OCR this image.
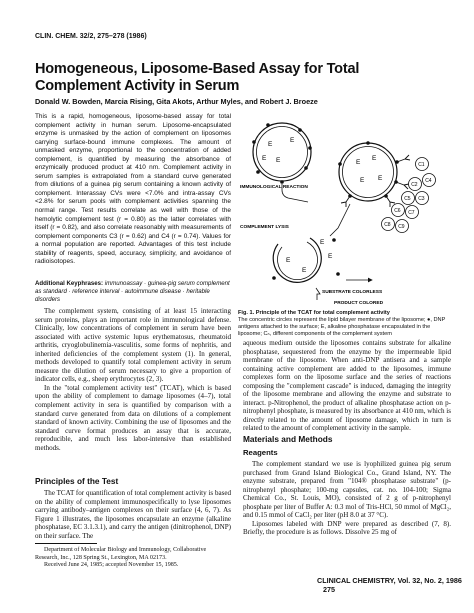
CLIN. CHEM. 32/2, 275–278 (1986)
Homogeneous, Liposome-Based Assay for Total Complement Activity in Serum
Donald W. Bowden, Marcia Rising, Gita Akots, Arthur Myles, and Robert J. Broeze
This is a rapid, homogeneous, liposome-based assay for total complement activity in human serum. Liposome-encapsulated enzyme is unmasked by the action of complement on liposomes carrying surface-bound immune complexes. The amount of unmasked enzyme, proportional to the concentration of added complement, is quantified by measuring the absorbance of enzymically produced product at 410 nm. Complement activity in serum samples is extrapolated from a standard curve generated from dilutions of a guinea pig serum containing a known activity of complement. Interassay CVs were <7.0% and intra-assay CVs <2.8% for serum pools with complement activities spanning the normal range. Test results correlate as well with those of the hemolytic complement test (r = 0.80) as the latter correlates with itself (r = 0.82), and also correlate reasonably with measurements of complement components C3 (r = 0.62) and C4 (r = 0.74). Values for a normal population are reported. Advantages of this test include stability of reagents, speed, accuracy, simplicity, and avoidance of radioisotopes.
Additional Keyphrases: immunoassay · guinea-pig serum complement as standard · reference interval · autoimmune disease · heritable disorders

The complement system, consisting of at least 15 interacting serum proteins, plays an important role in immunological defense. Clinically, low concentrations of complement in serum have been associated with active systemic lupus erythematosus, rheumatoid arthritis, cryoglobulinemia-vasculitis, some forms of nephritis, and inherited deficiencies of the complement system (1). In general, methods developed to quantify total complement activity in serum measure the dilution of serum necessary to give a proportion of indicator cells, e.g., sheep erythrocytes (2, 3).

In the "total complement activity test" (TCAT), which is based upon the ability of complement to damage liposomes (4–7), total complement activity in sera is quantified by comparison with a standard curve generated from data on dilutions of a complement standard of known activity. Combining the use of liposomes and the standard curve format produces an assay that is accurate, reproducible, and much less labor-intensive than established methods.

Principles of the Test

The TCAT for quantification of total complement activity is based on the ability of complement immunospecifically to lyse liposomes carrying antibody–antigen complexes on their surface (4, 6, 7). As Figure 1 illustrates, the liposomes encapsulate an enzyme (alkaline phosphatase, EC 3.1.3.1), and carry the antigen (dinitrophenol, DNP) on their surface. The

Department of Molecular Biology and Immunology, Collaborative Research, Inc., 128 Spring St., Lexington, MA 02173.
Received June 24, 1985; accepted November 15, 1985.
E
E
E
E
IMMUNOLOGICAL REACTION
E
E
E E
C1
C4
C2
C5 C3
C6 C7
C8 C9
COMPLEMENT LYSIS
E
E
E
E
SUBSTRATE COLORLESS
PRODUCT COLORED
Fig. 1. Principle of the TCAT for total complement activity
The concentric circles represent the lipid bilayer membrane of the liposome; ●, DNP antigens attached to the surface; E, alkaline phosphatase encapsulated in the liposome; Cₙ, different components of the complement system

aqueous medium outside the liposomes contains substrate for alkaline phosphatase, sequestered from the enzyme by the impermeable lipid membrane of the liposome. When anti-DNP antisera and a sample containing active complement are added to the liposomes, immune complexes form on the liposome surface and the series of reactions composing the "complement cascade" is induced, damaging the integrity of the liposome membrane and allowing the enzyme and substrate to interact. p-Nitrophenol, the product of alkaline phosphatase action on p-nitrophenyl phosphate, is measured by its absorbance at 410 nm, which is directly related to the amount of liposome damage, which in turn is related to the amount of complement activity in the sample.

Materials and Methods
Reagents

The complement standard we use is lyophilized guinea pig serum purchased from Grand Island Biological Co., Grand Island, NY. The enzyme substrate, prepared from "104® phosphatase substrate" (p-nitrophenyl phosphate; 100-mg capsules, cat. no. 104-100; Sigma Chemical Co., St. Louis, MO), consisted of 2 g of p-nitrophenyl phosphate per liter of Buffer A: 0.3 mol of Tris-HCl, 50 mmol of MgCl₂, and 0.15 mmol of CaCl₂ per liter (pH 8.0 at 37 °C).

Liposomes labeled with DNP were prepared as described (7, 8). Briefly, the procedure is as follows. Dissolve 25 mg of

CLINICAL CHEMISTRY, Vol. 32, No. 2, 1986 275
